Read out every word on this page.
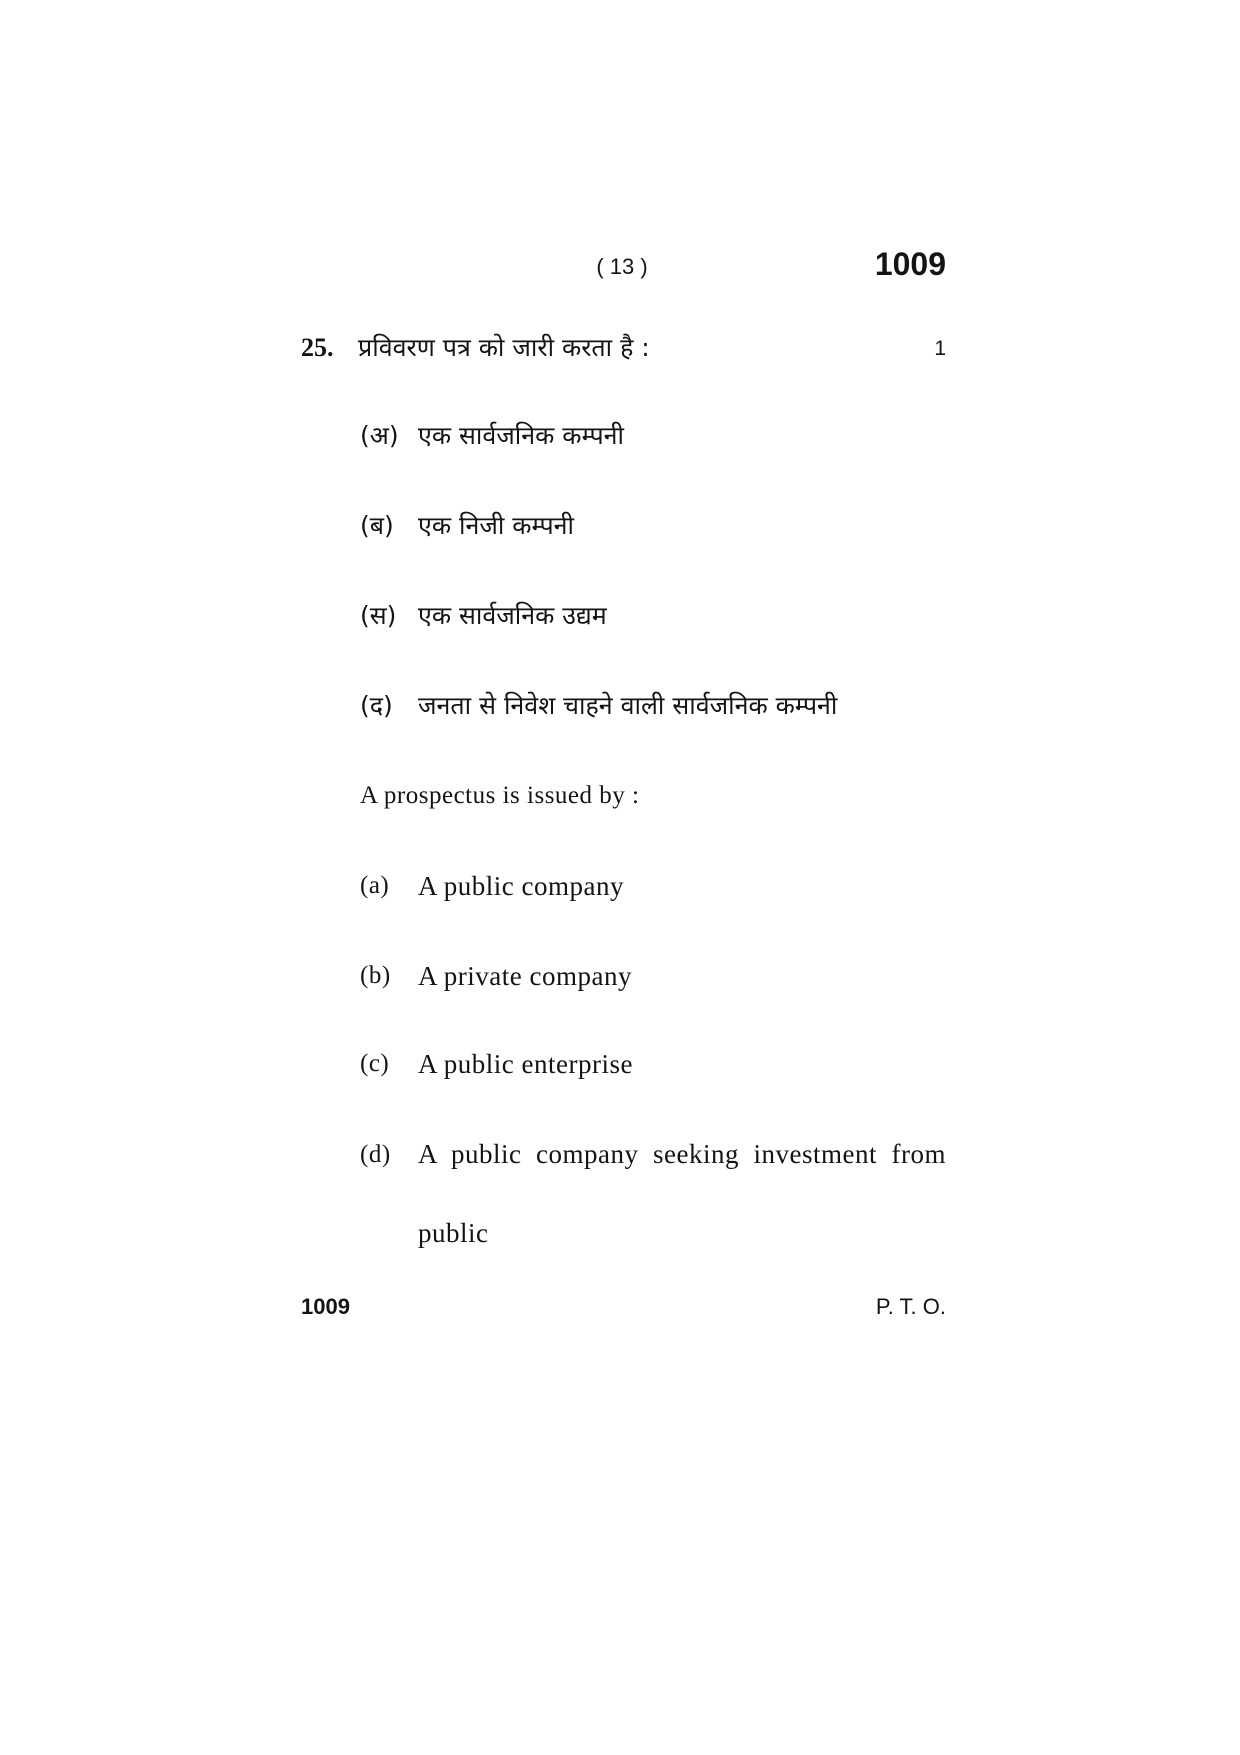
( 13 )	1009
25. प्रविवरण पत्र को जारी करता है :	1
(अ) एक सार्वजनिक कम्पनी
(ब) एक निजी कम्पनी
(स) एक सार्वजनिक उद्यम
(द) जनता से निवेश चाहने वाली सार्वजनिक कम्पनी
A prospectus is issued by :
(a) A public company
(b) A private company
(c) A public enterprise
(d) A public company seeking investment from public
1009	P. T. O.
